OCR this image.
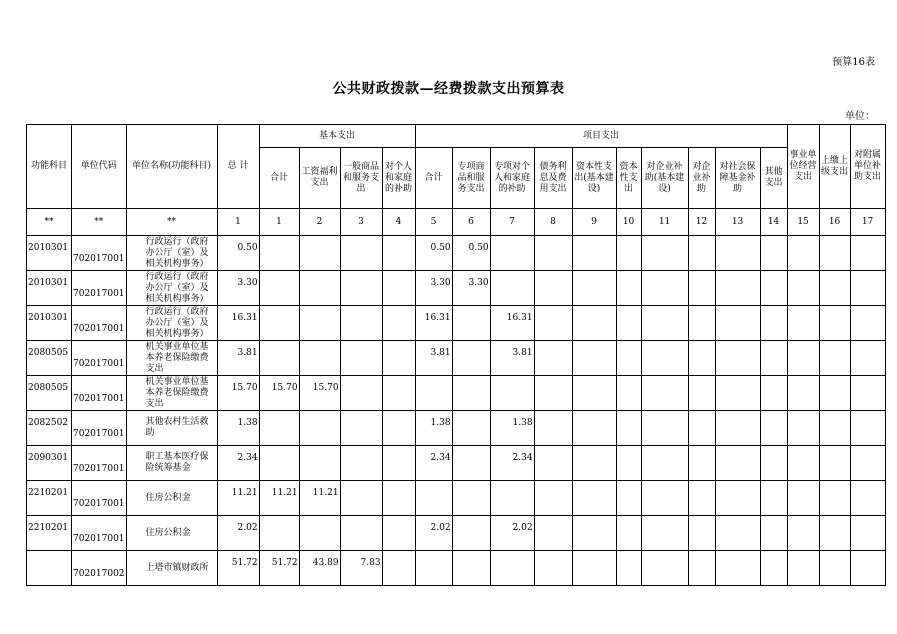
预算16表
公共财政拨款—经费拨款支出预算表
单位：
功能科目	单位代码	单位名称(功能科目)	总 计	基本支出				项目支出										事业单位经营支出	上缴上级支出	对附属单位补助支出
				合计	工资福利支出	一般商品和服务支出	对个人和家庭的补助	合计	专项商品和服务支出	专项对个人和家庭的补助	债务利息及费用支出	资本性支出(基本建设)	资本性支出	对企业补助(基本建设)	对企业补助	对社会保障基金补助	其他支出			
**	**	**	1	1	2	3	4	5	6	7	8	9	10	11	12	13	14	15	16	17

2010301	702017001	行政运行（政府办公厅（室）及相关机构事务）	0.50					0.50	0.50											

2010301	702017001	行政运行（政府办公厅（室）及相关机构事务）	3.30					3.30	3.30											

2010301	702017001	行政运行（政府办公厅（室）及相关机构事务）	16.31					16.31		16.31										

2080505	702017001	机关事业单位基本养老保险缴费支出	3.81					3.81		3.81										

2080505	702017001	机关事业单位基本养老保险缴费支出	15.70	15.70	15.70															

2082502	702017001	其他农村生活救助	1.38					1.38		1.38										

2090301	702017001	职工基本医疗保险统筹基金	2.34					2.34		2.34										

2210201	702017001	住房公积金	11.21	11.21	11.21															

2210201	702017001	住房公积金	2.02					2.02		2.02										

	702017002	上塔市镇财政所	51.72	51.72	43.89	7.83														
